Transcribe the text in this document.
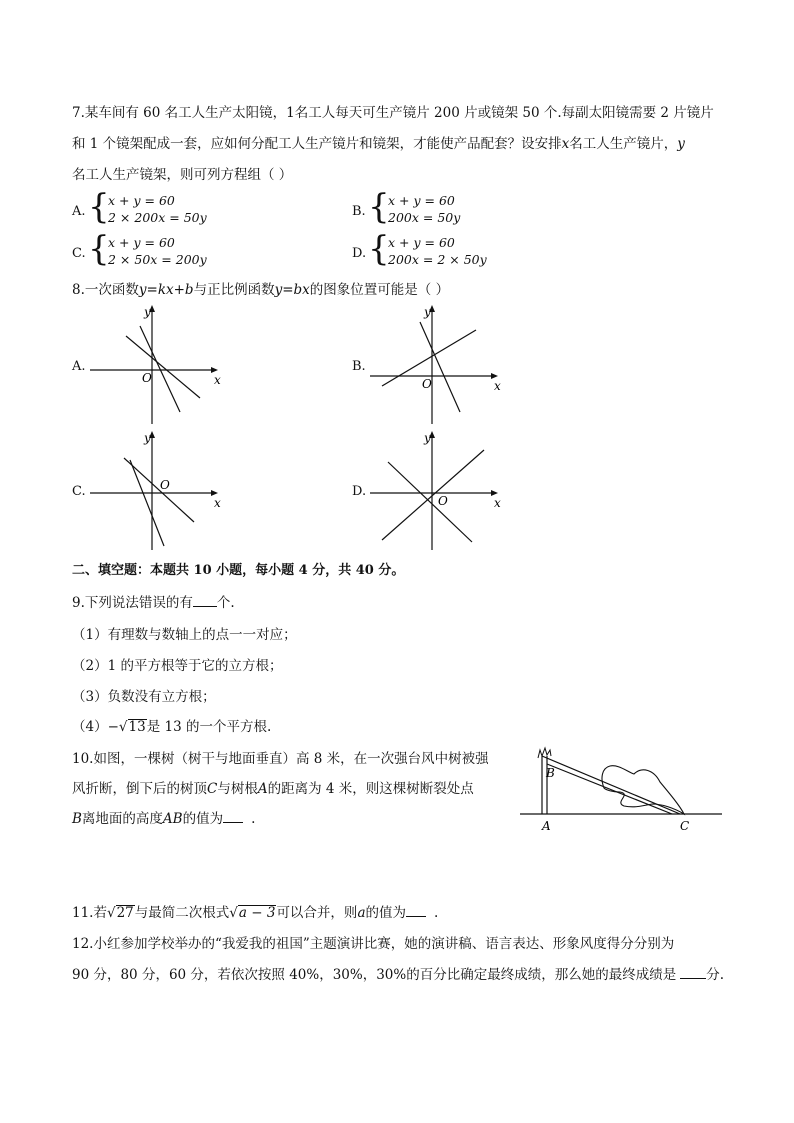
7.某车间有 60 名工人生产太阳镜，1名工人每天可生产镜片 200 片或镜架 50 个.每副太阳镜需要 2 片镜片
和 1 个镜架配成一套，应如何分配工人生产镜片和镜架，才能使产品配套？设安排x名工人生产镜片，y
名工人生产镜架，则可列方程组（ ）
A. {
x + y = 60
2 × 200x = 50y	B. {
x + y = 60
200x = 50y
C. {
x + y = 60
2 × 50x = 200y	D. {
x + y = 60
200x = 2 × 50y
8.一次函数y=kx+b与正比例函数y=bx的图象位置可能是（ ）
A.
O	x
y
B.
O	x
y
C.	O
x
y
D.
O	x
y
二、填空题：本题共 10 小题，每小题 4 分，共 40 分。
9.下列说法错误的有 个.
（1）有理数与数轴上的点一一对应；
（2）1 的平方根等于它的立方根；
（3）负数没有立方根；
（4）−√13是 13 的一个平方根.
10.如图，一棵树（树干与地面垂直）高 8 米，在一次强台风中树被强
风折断，倒下后的树顶C与树根A的距离为 4 米，则这棵树断裂处点
B离地面的高度AB的值为 .
B
A	C
11.若√27与最简二次根式√a − 3可以合并，则a的值为 .
12.小红参加学校举办的“我爱我的祖国”主题演讲比赛，她的演讲稿、语言表达、形象风度得分分别为
90 分，80 分，60 分，若依次按照 40%，30%，30%的百分比确定最终成绩，那么她的最终成绩是 分.
